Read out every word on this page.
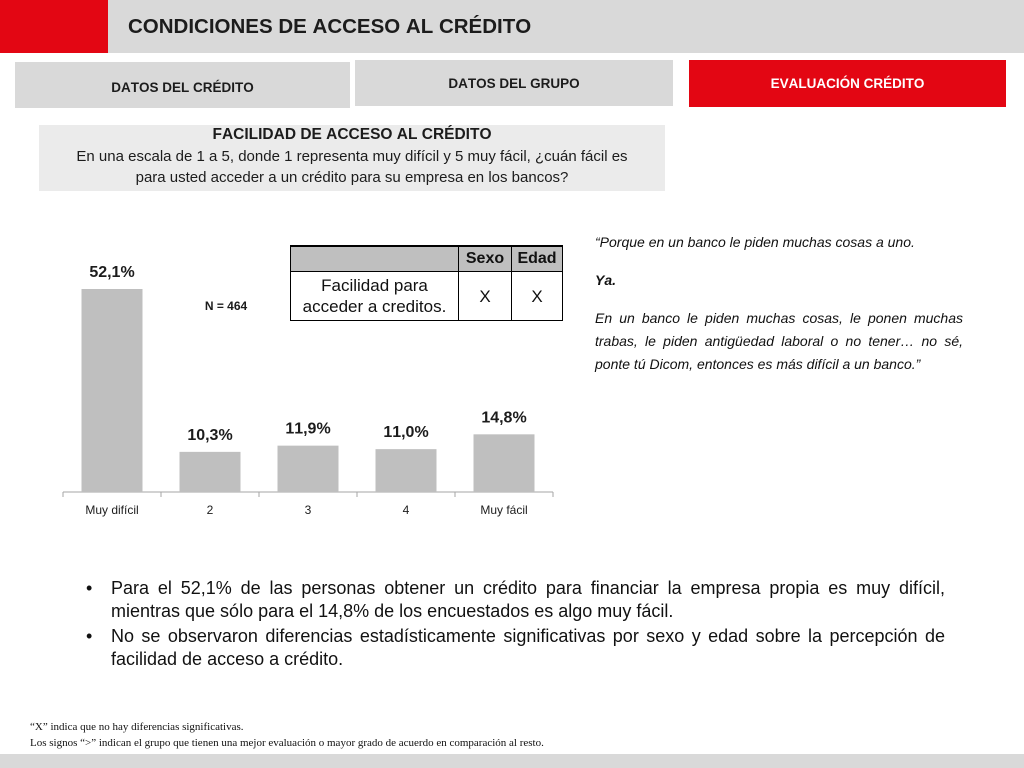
CONDICIONES DE ACCESO AL CRÉDITO
DATOS DEL CRÉDITO	DATOS DEL GRUPO	EVALUACIÓN CRÉDITO
FACILIDAD DE ACCESO AL CRÉDITO
En una escala de 1 a 5, donde 1 representa muy difícil y 5 muy fácil, ¿cuán fácil es para usted acceder a un crédito para su empresa en los bancos?
52,1%
Muy difícil
10,3%
2
11,9%
3
11,0%
4
14,8%
Muy fácil
N = 464
	Sexo	Edad
Facilidad para acceder a creditos.	X	X

“Porque en un banco le piden muchas cosas a uno.

Ya.

En un banco le piden muchas cosas, le ponen muchas trabas, le piden antigüedad laboral o no tener… no sé, ponte tú Dicom, entonces es más difícil a un banco.”

• Para el 52,1% de las personas obtener un crédito para financiar la empresa propia es muy difícil, mientras que sólo para el 14,8% de los encuestados es algo muy fácil.
• No se observaron diferencias estadísticamente significativas por sexo y edad sobre la percepción de facilidad de acceso a crédito.
“X” indica que no hay diferencias significativas.
Los signos “>” indican el grupo que tienen una mejor evaluación o mayor grado de acuerdo en comparación al resto.
